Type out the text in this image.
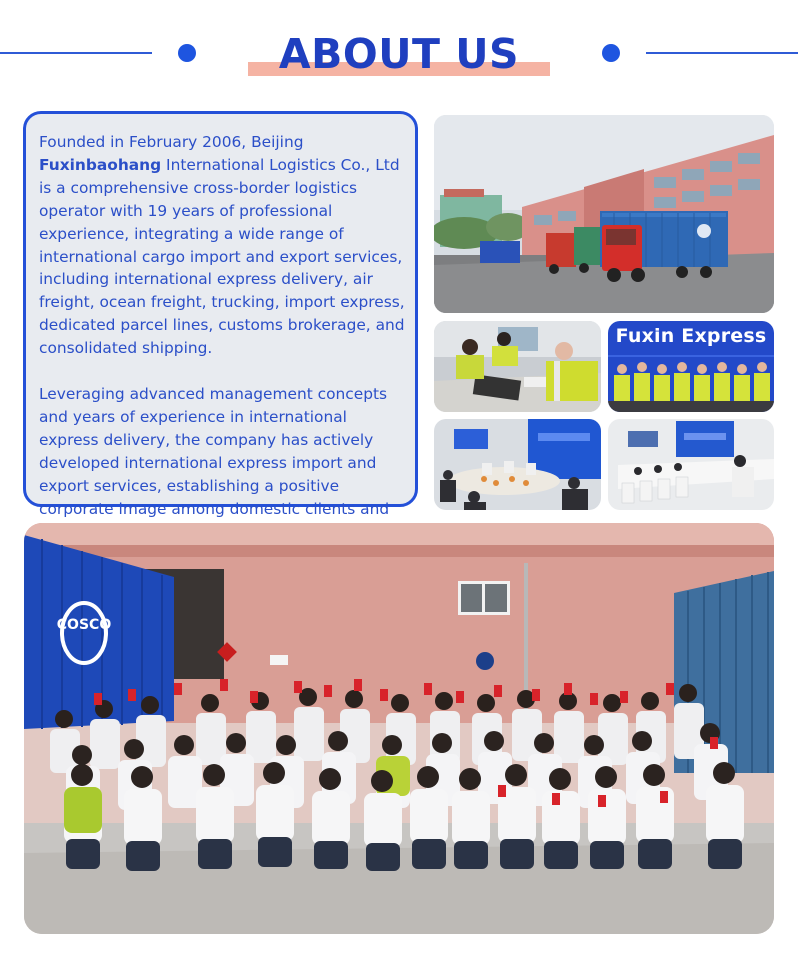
ABOUT US

Founded in February 2006, Beijing Fuxinbaohang International Logistics Co., Ltd is a comprehensive cross-border logistics operator with 19 years of professional experience, integrating a wide range of international cargo import and export services, including international express delivery, air freight, ocean freight, trucking, import express, dedicated parcel lines, customs brokerage, and consolidated shipping.

Leveraging advanced management concepts and years of experience in international express delivery, the company has actively developed international express import and export services, establishing a positive corporate image among domestic clients and

Fuxin Express
COSCO
